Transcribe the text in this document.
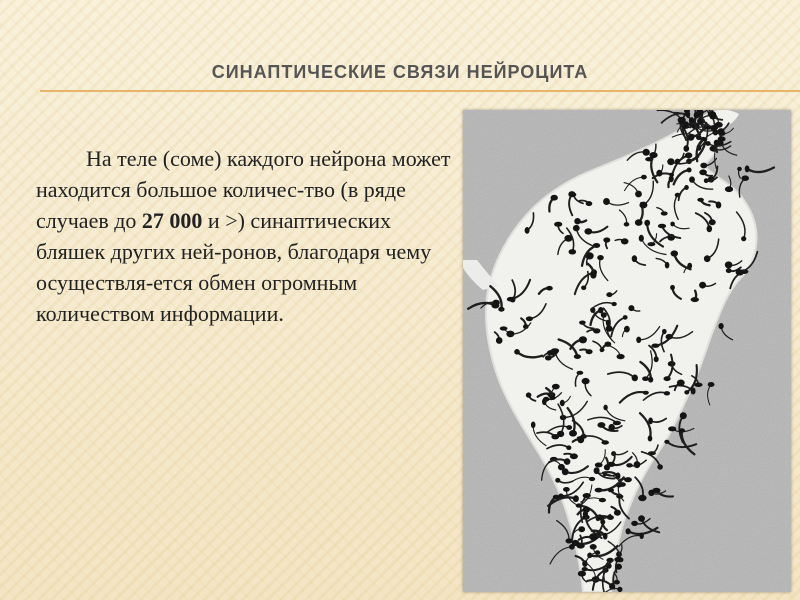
СИНАПТИЧЕСКИЕ СВЯЗИ НЕЙРОЦИТА

На теле (соме) каждого нейрона может находится большое количес-тво (в ряде случаев до 27 000 и >) синаптических бляшек других ней-ронов, благодаря чему осуществля-ется обмен огромным количеством информации.
